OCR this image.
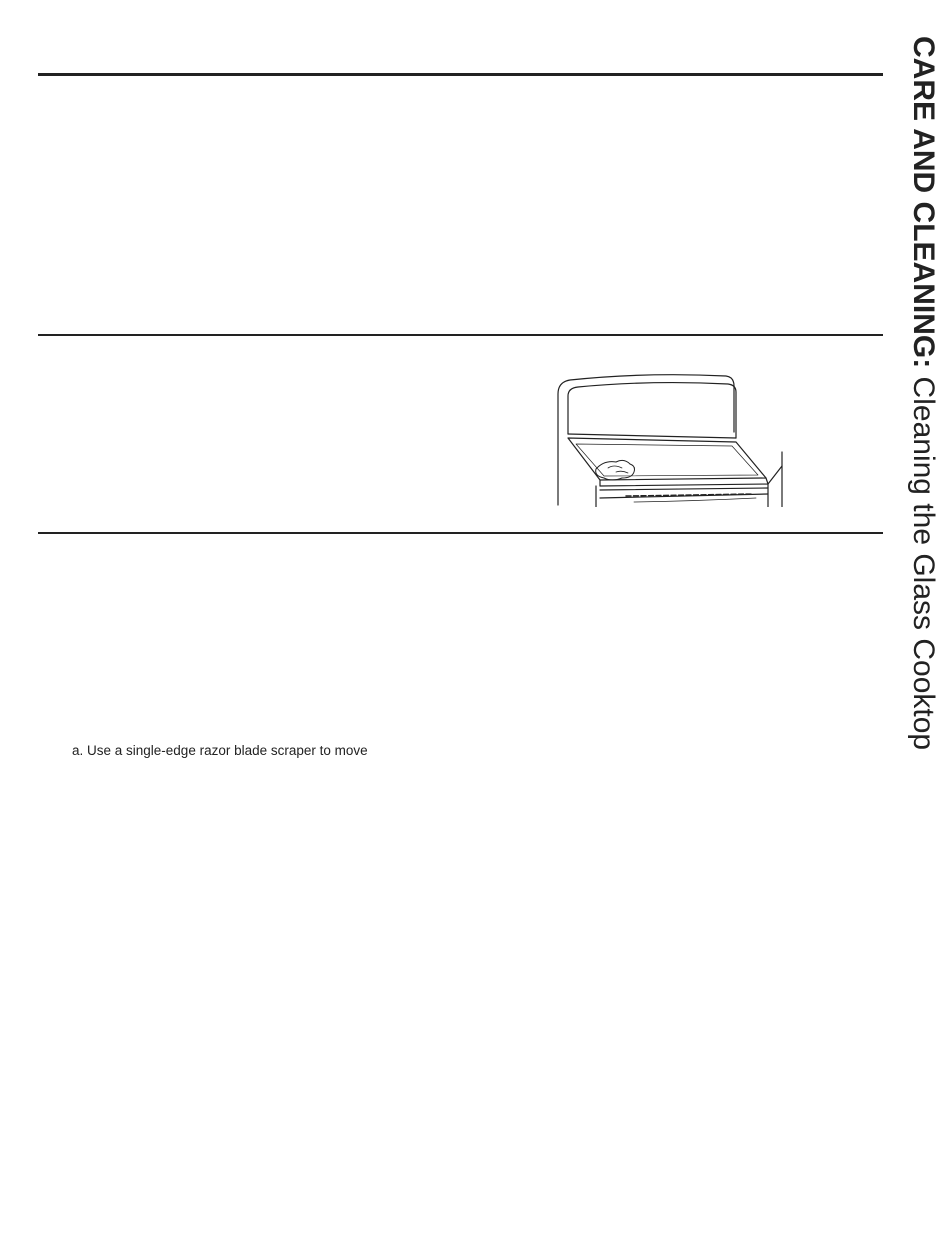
a. Use a single-edge razor blade scraper to move
CARE AND CLEANING: Cleaning the Glass Cooktop
